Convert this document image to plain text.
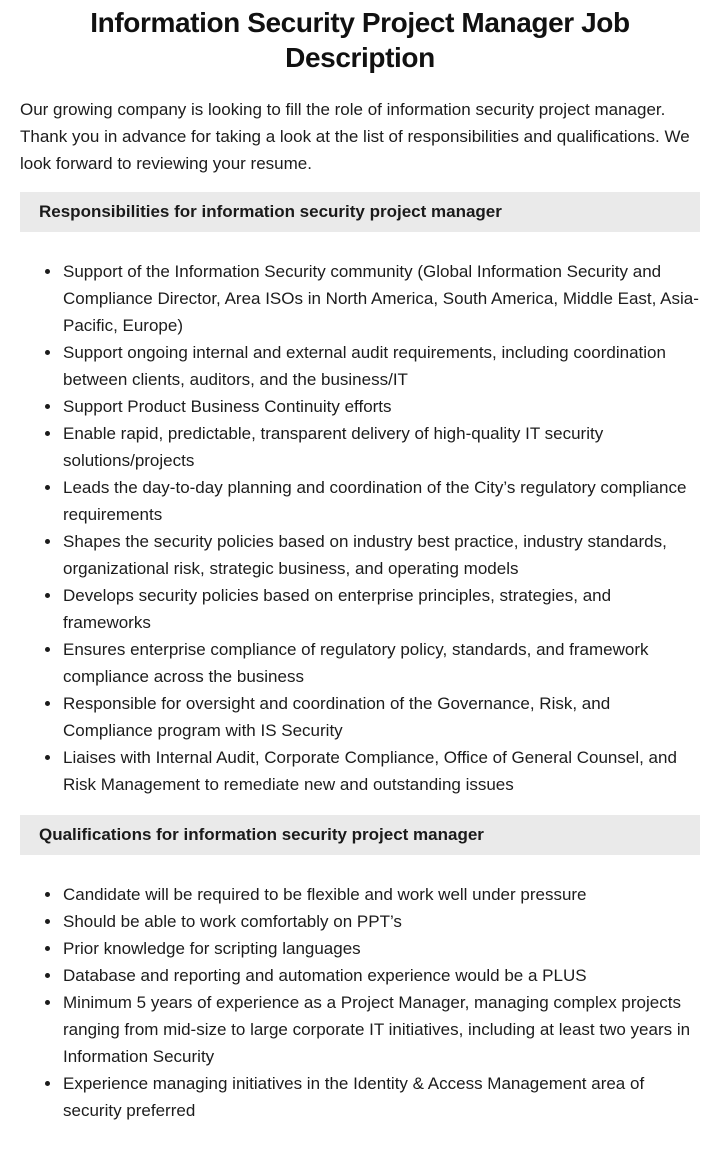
Information Security Project Manager Job Description

Our growing company is looking to fill the role of information security project manager. Thank you in advance for taking a look at the list of responsibilities and qualifications. We look forward to reviewing your resume.

Responsibilities for information security project manager
• Support of the Information Security community (Global Information Security and Compliance Director, Area ISOs in North America, South America, Middle East, Asia-Pacific, Europe)
• Support ongoing internal and external audit requirements, including coordination between clients, auditors, and the business/IT
• Support Product Business Continuity efforts
• Enable rapid, predictable, transparent delivery of high-quality IT security solutions/projects
• Leads the day-to-day planning and coordination of the City’s regulatory compliance requirements
• Shapes the security policies based on industry best practice, industry standards, organizational risk, strategic business, and operating models
• Develops security policies based on enterprise principles, strategies, and frameworks
• Ensures enterprise compliance of regulatory policy, standards, and framework compliance across the business
• Responsible for oversight and coordination of the Governance, Risk, and Compliance program with IS Security
• Liaises with Internal Audit, Corporate Compliance, Office of General Counsel, and Risk Management to remediate new and outstanding issues
Qualifications for information security project manager
• Candidate will be required to be flexible and work well under pressure
• Should be able to work comfortably on PPT’s
• Prior knowledge for scripting languages
• Database and reporting and automation experience would be a PLUS
• Minimum 5 years of experience as a Project Manager, managing complex projects ranging from mid-size to large corporate IT initiatives, including at least two years in Information Security
• Experience managing initiatives in the Identity & Access Management area of security preferred
